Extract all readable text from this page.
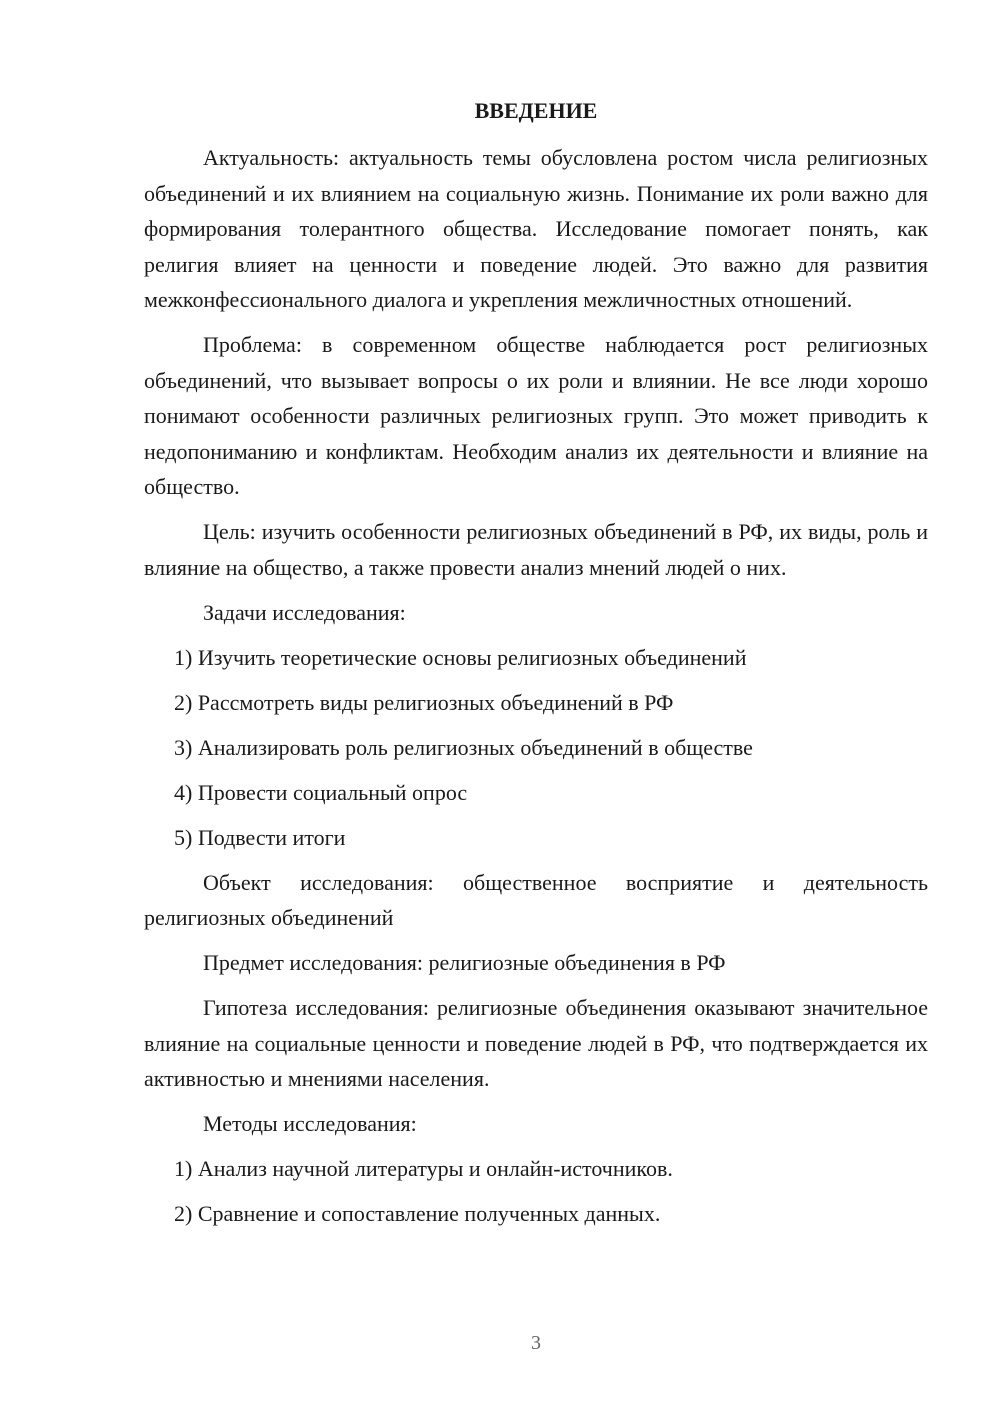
ВВЕДЕНИЕ

Актуальность: актуальность темы обусловлена ростом числа религиозных объединений и их влиянием на социальную жизнь. Понимание их роли важно для формирования толерантного общества. Исследование помогает понять, как религия влияет на ценности и поведение людей. Это важно для развития межконфессионального диалога и укрепления межличностных отношений.

Проблема: в современном обществе наблюдается рост религиозных объединений, что вызывает вопросы о их роли и влиянии. Не все люди хорошо понимают особенности различных религиозных групп. Это может приводить к недопониманию и конфликтам. Необходим анализ их деятельности и влияние на общество.

Цель: изучить особенности религиозных объединений в РФ, их виды, роль и влияние на общество, а также провести анализ мнений людей о них.

Задачи исследования:

1) Изучить теоретические основы религиозных объединений

2) Рассмотреть виды религиозных объединений в РФ

3) Анализировать роль религиозных объединений в обществе

4) Провести социальный опрос

5) Подвести итоги

Объект исследования: общественное восприятие и деятельность религиозных объединений

Предмет исследования: религиозные объединения в РФ

Гипотеза исследования: религиозные объединения оказывают значительное влияние на социальные ценности и поведение людей в РФ, что подтверждается их активностью и мнениями населения.

Методы исследования:

1) Анализ научной литературы и онлайн-источников.

2) Сравнение и сопоставление полученных данных.

3
